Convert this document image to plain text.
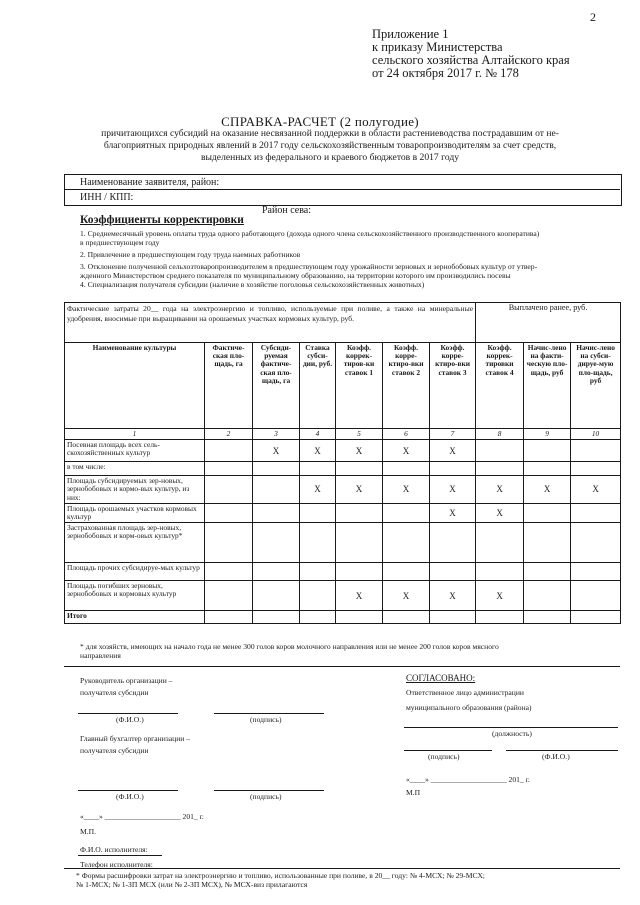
2
Приложение 1
к приказу Министерства
сельского хозяйства Алтайского края
от 24 октября 2017 г. № 178
СПРАВКА-РАСЧЕТ (2 полугодие)
причитающихся субсидий на оказание несвязанной поддержки в области растениеводства пострадавшим от не-
благоприятных природных явлений в 2017 году сельскохозяйственным товаропроизводителям за счет средств,
выделенных из федерального и краевого бюджетов в 2017 году
Наименование заявителя, район:
ИНН / КПП:
Район сева:
Коэффициенты корректировки
1. Среднемесячный уровень оплаты труда одного работающего (дохода одного члена сельскохозяйственного производственного кооператива)
в предшествующем году
2. Привлечение в предшествующем году труда наемных работников
3. Отклонение полученной сельхозтоваропроизводителем в предшествующем году урожайности зерновых и зернобобовых культур от утвер-
жденного Министерством среднего показателя по муниципальному образованию, на территории которого им производились посевы
4. Специализация получателя субсидии (наличие в хозяйстве поголовья сельскохозяйственных животных)
Фактические затраты 20__ года на электроэнергию и топливо, используемые при поливе, а также на минеральные удобрения, вносимые при выращивании на орошаемых участках кормовых культур, руб.							Выплачено ранее, руб.		
Наименование культуры	Фактиче-ская пло-щадь, га	Субсиди-руемая фактиче-ская пло-щадь, га	Ставка субси-дии, руб.	Коэфф. коррек-тиров-ки ставок 1	Коэфф. корре-ктиро-вки ставок 2	Коэфф. корре-ктиро-вки ставок 3	Коэфф. коррек-тировки ставок 4	Начис-лено на факти-ческую пло-щадь, руб	Начис-лено на субси-дируе-мую пло-щадь, руб
1	2	3	4	5	6	7	8	9	10
Посевная площадь всех сель-скохозяйственных культур		X	X	X	X	X			
в том числе:									
Площадь субсидируемых зер-новых, зернобобовых и кормо-вых культур, из них:			X	X	X	X	X	X	X
Площадь орошаемых участков кормовых культур						X	X		
Застрахованная площадь зер-новых, зернобобовых и корм-овых культур*									
Площадь прочих субсидируе-мых культур									
Площадь погибших зерновых, зернобобовых и кормовых культур				X	X	X	X		
Итого									
* для хозяйств, имеющих на начало года не менее 300 голов коров молочного направления или не менее 200 голов коров мясного
направления
Руководитель организации –
получателя субсидии
(Ф.И.О.)	(подпись)
Главный бухгалтер организации –
получателя субсидии
(Ф.И.О.)	(подпись)
«____» ____________________ 201_ г.
М.П.
Ф.И.О. исполнителя:
Телефон исполнителя:
СОГЛАСОВАНО:
Ответственное лицо администрации
муниципального образования (района)
(должность)
(подпись)	(Ф.И.О.)
«____» ____________________ 201_ г.
М.П
* Формы расшифровки затрат на электроэнергию и топливо, использованные при поливе, в 20__ году: № 4-МСХ; № 29-МСХ;
№ 1-МСХ; № 1-ЗП МСХ (или № 2-ЗП МСХ), № МСХ-виз прилагаются
